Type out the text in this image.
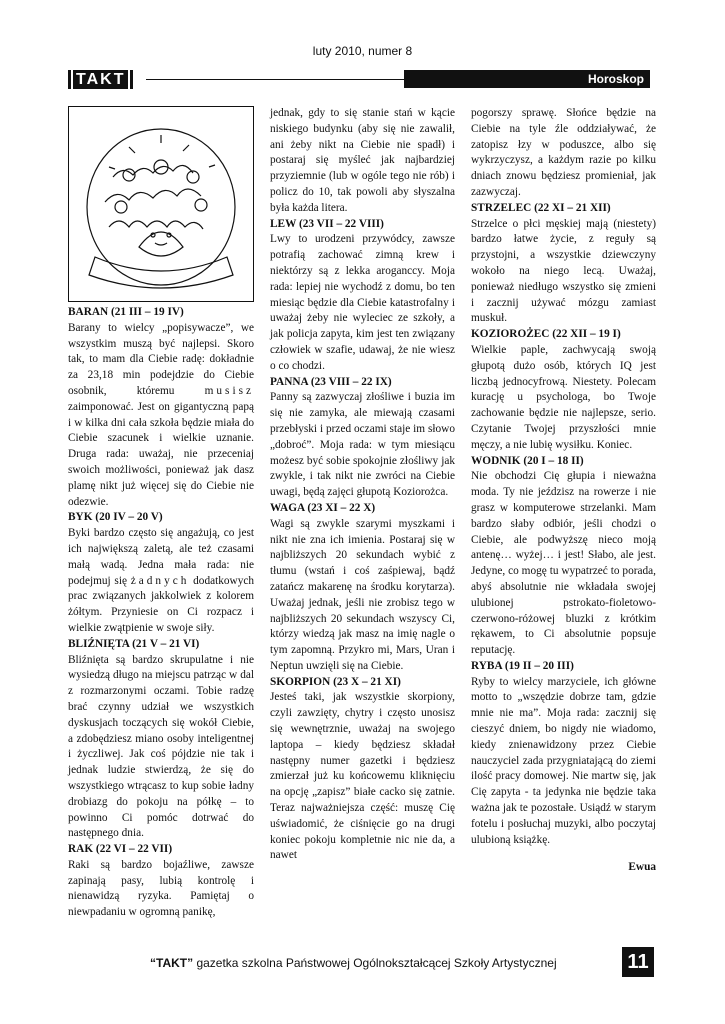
luty 2010, numer 8
TAKT	Horoskop

BARAN (21 III – 19 IV)

Barany to wielcy „popisywacze”, we wszystkim muszą być najlepsi. Skoro tak, to mam dla Ciebie radę: dokładnie za 23,18 min podejdzie do Ciebie osobnik, któremu	musisz zaimponować. Jest on gigantyczną papą i w kilka dni cała szkoła będzie miała do Ciebie szacunek i wielkie uznanie. Druga rada: uważaj, nie przeceniaj swoich możliwości, ponieważ jak dasz plamę nikt już więcej się do Ciebie nie odezwie.

BYK (20 IV – 20 V)

Byki bardzo często się angażują, co jest ich największą zaletą, ale też czasami małą wadą. Jedna mała rada: nie podejmuj się żadnych dodatkowych prac związanych jakkolwiek z kolorem żółtym. Przyniesie on Ci rozpacz i wielkie zwątpienie w swoje siły.

BLIŹNIĘTA (21 V – 21 VI)

Bliźnięta są bardzo skrupulatne i nie wysiedzą długo na miejscu patrząc w dal z rozmarzonymi oczami. Tobie radzę brać czynny udział we wszystkich dyskusjach toczących się wokół Ciebie, a zdobędziesz miano osoby inteligentnej i życzliwej. Jak coś pójdzie nie tak i jednak ludzie stwierdzą, że się do wszystkiego wtrącasz to kup sobie ładny drobiazg do pokoju na półkę – to powinno Ci pomóc dotrwać do następnego dnia.

RAK (22 VI – 22 VII)

Raki są bardzo bojaźliwe, zawsze zapinają pasy, lubią kontrolę i nienawidzą ryzyka. Pamiętaj o niewpadaniu w ogromną panikę,

jednak, gdy to się stanie stań w kącie niskiego budynku (aby się nie zawalił, ani żeby nikt na Ciebie nie spadł) i postaraj się myśleć jak najbardziej przyziemnie (lub w ogóle tego nie rób) i policz do 10, tak powoli aby słyszalna była każda litera.

LEW (23 VII – 22 VIII)

Lwy to urodzeni przywódcy, zawsze potrafią zachować zimną krew i niektórzy są z lekka aroganccy. Moja rada: lepiej nie wychodź z domu, bo ten miesiąc będzie dla Ciebie katastrofalny i uważaj żeby nie wyleciec ze szkoły, a jak policja zapyta, kim jest ten związany człowiek w szafie, udawaj, że nie wiesz o co chodzi.

PANNA (23 VIII – 22 IX)

Panny są zazwyczaj złośliwe i buzia im się nie zamyka, ale miewają czasami przebłyski i przed oczami staje im słowo „dobroć”. Moja rada: w tym miesiącu możesz być sobie spokojnie złośliwy jak zwykle, i tak nikt nie zwróci na Ciebie uwagi, będą zajęci głupotą Koziorożca.

WAGA (23 XI – 22 X)

Wagi są zwykle szarymi myszkami i nikt nie zna ich imienia. Postaraj się w najbliższych 20 sekundach wybić z tłumu (wstań i coś zaśpiewaj, bądź zatańcz makarenę na środku korytarza). Uważaj jednak, jeśli nie zrobisz tego w najbliższych 20 sekundach wszyscy Ci, którzy wiedzą jak masz na imię nagle o tym zapomną. Przykro mi, Mars, Uran i Neptun uwzięli się na Ciebie.

SKORPION (23 X – 21 XI)

Jesteś taki, jak wszystkie skorpiony, czyli zawzięty, chytry i często unosisz się wewnętrznie, uważaj na swojego laptopa – kiedy będziesz składał następny numer gazetki i będziesz zmierzał już ku końcowemu kliknięciu na opcję „zapisz” białe cacko się zatnie. Teraz najważniejsza część: muszę Cię uświadomić, że ciśnięcie go na drugi koniec pokoju kompletnie nic nie da, a nawet

pogorszy sprawę. Słońce będzie na Ciebie na tyle źle oddziaływać, że zatopisz łzy w poduszce, albo się wykrzyczysz, a każdym razie po kilku dniach znowu będziesz promieniał, jak zazwyczaj.

STRZELEC (22 XI – 21 XII)

Strzelce o płci męskiej mają (niestety) bardzo łatwe życie, z reguły są przystojni, a wszystkie dziewczyny wokoło na niego lecą. Uważaj, ponieważ niedługo wszystko się zmieni i zacznij używać mózgu zamiast muskuł.

KOZIOROŻEC (22 XII – 19 I)

Wielkie paple, zachwycają swoją głupotą dużo osób, których IQ jest liczbą jednocyfrową. Niestety. Polecam kurację u psychologa, bo Twoje zachowanie będzie nie najlepsze, serio. Czytanie Twojej przyszłości mnie męczy, a nie lubię wysiłku. Koniec.

WODNIK (20 I – 18 II)

Nie obchodzi Cię głupia i nieważna moda. Ty nie jeździsz na rowerze i nie grasz w komputerowe strzelanki. Mam bardzo słaby odbiór, jeśli chodzi o Ciebie, ale podwyższę nieco moją antenę… wyżej… i jest! Słabo, ale jest. Jedyne, co mogę tu wypatrzeć to porada, abyś absolutnie nie wkładała swojej ulubionej pstrokato-fioletowo-czerwono-różowej bluzki z krótkim rękawem, to Ci absolutnie popsuje reputację.

RYBA (19 II – 20 III)

Ryby to wielcy marzyciele, ich główne motto to „wszędzie dobrze tam, gdzie mnie nie ma”. Moja rada: zacznij się cieszyć dniem, bo nigdy nie wiadomo, kiedy znienawidzony przez Ciebie nauczyciel zada przygniatającą do ziemi ilość pracy domowej. Nie martw się, jak Cię zapyta - ta jedynka nie będzie taka ważna jak te pozostałe. Usiądź w starym fotelu i posłuchaj muzyki, albo poczytaj ulubioną książkę.

Ewua

“TAKT” gazetka szkolna Państwowej Ogólnokształcącej Szkoły Artystycznej	11
